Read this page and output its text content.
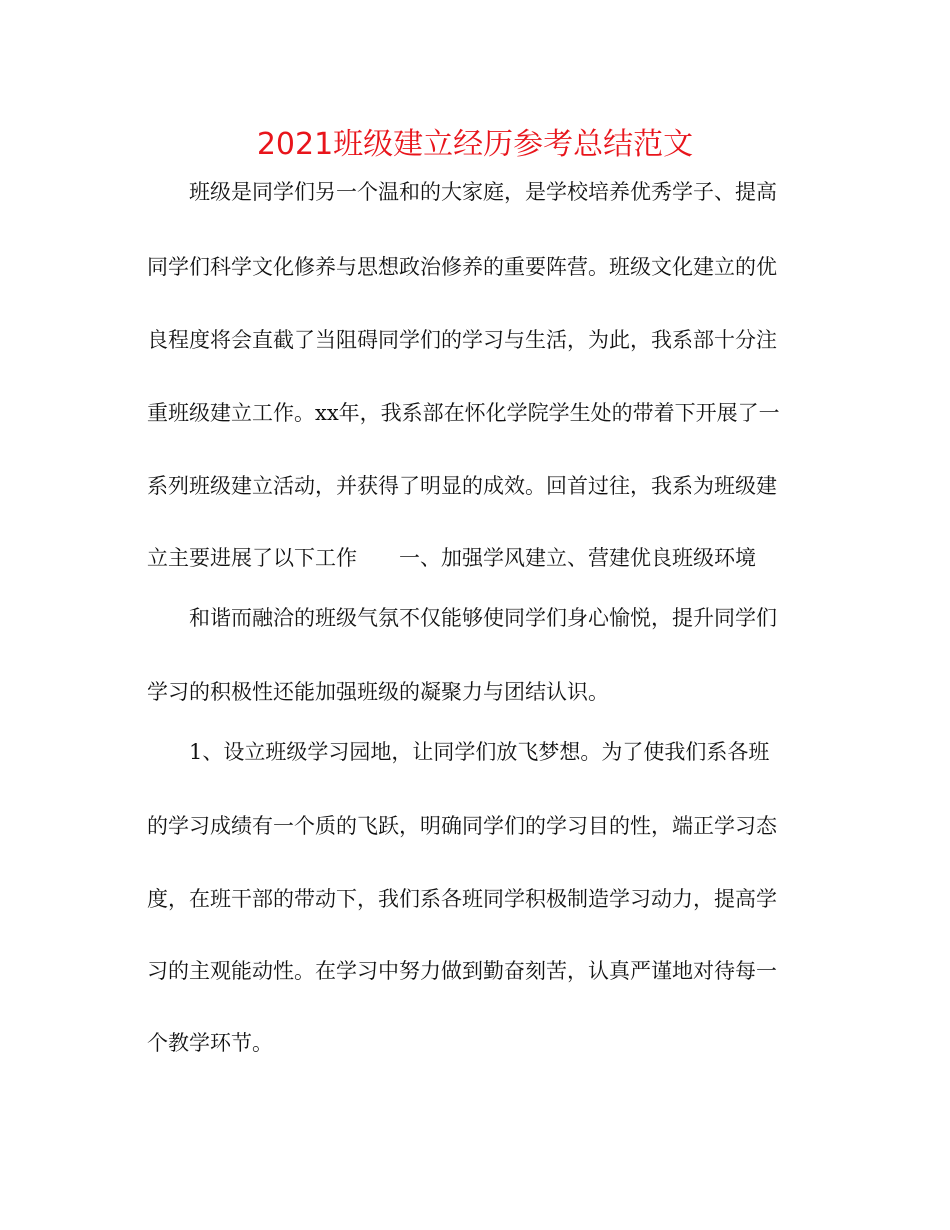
2021班级建立经历参考总结范文

班级是同学们另一个温和的大家庭，是学校培养优秀学子、提高

同学们科学文化修养与思想政治修养的重要阵营。班级文化建立的优

良程度将会直截了当阻碍同学们的学习与生活，为此，我系部十分注

重班级建立工作。xx年，我系部在怀化学院学生处的带着下开展了一

系列班级建立活动，并获得了明显的成效。回首过往，我系为班级建

立主要进展了以下工作　　一、加强学风建立、营建优良班级环境

和谐而融洽的班级气氛不仅能够使同学们身心愉悦，提升同学们

学习的积极性还能加强班级的凝聚力与团结认识。

1、设立班级学习园地，让同学们放飞梦想。为了使我们系各班

的学习成绩有一个质的飞跃，明确同学们的学习目的性，端正学习态

度，在班干部的带动下，我们系各班同学积极制造学习动力，提高学

习的主观能动性。在学习中努力做到勤奋刻苦，认真严谨地对待每一

个教学环节。
